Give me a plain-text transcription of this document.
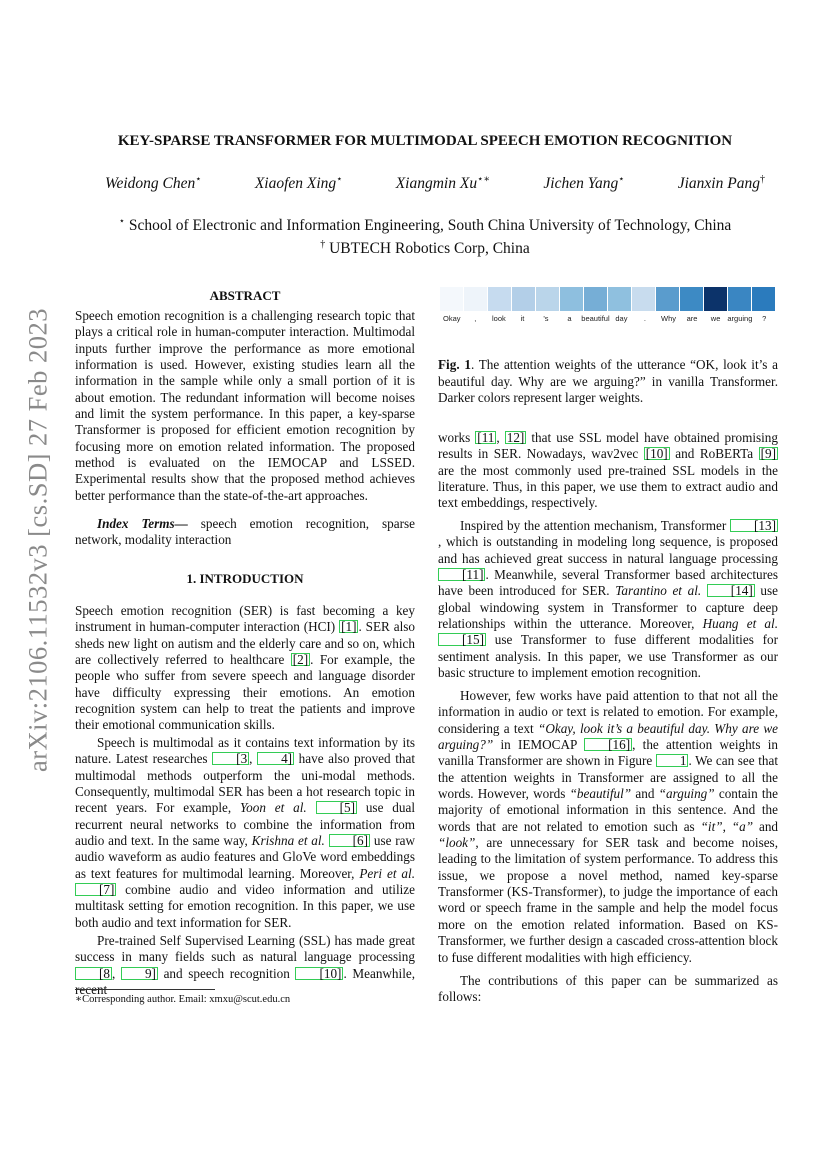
arXiv:2106.11532v3 [cs.SD] 27 Feb 2023
KEY-SPARSE TRANSFORMER FOR MULTIMODAL SPEECH EMOTION RECOGNITION
Weidong Chen⋆	Xiaofen Xing⋆	Xiangmin Xu⋆∗	Jichen Yang⋆	Jianxin Pang†
⋆ School of Electronic and Information Engineering, South China University of Technology, China
† UBTECH Robotics Corp, China
ABSTRACT

Speech emotion recognition is a challenging research topic that plays a critical role in human-computer interaction. Multimodal inputs further improve the performance as more emotional information is used. However, existing studies learn all the information in the sample while only a small portion of it is about emotion. The redundant information will become noises and limit the system performance. In this paper, a key-sparse Transformer is proposed for efficient emotion recognition by focusing more on emotion related information. The proposed method is evaluated on the IEMOCAP and LSSED. Experimental results show that the proposed method achieves better performance than the state-of-the-art approaches.

Index Terms— speech emotion recognition, sparse network, modality interaction

1. INTRODUCTION

Speech emotion recognition (SER) is fast becoming a key instrument in human-computer interaction (HCI) [1] . SER also sheds new light on autism and the elderly care and so on, which are collectively referred to healthcare [2] . For example, the people who suffer from severe speech and language disorder have difficulty expressing their emotions. An emotion recognition system can help to treat the patients and improve their emotional communication skills.

Speech is multimodal as it contains text information by its nature. Latest researches [3 , 4] have also proved that multimodal methods outperform the uni-modal methods. Consequently, multimodal SER has been a hot research topic in recent years. For example, Yoon et al. [5] use dual recurrent neural networks to combine the information from audio and text. In the same way, Krishna et al. [6] use raw audio waveform as audio features and GloVe word embeddings as text features for multimodal learning. Moreover, Peri et al. [7] combine audio and video information and utilize multitask setting for emotion recognition. In this paper, we use both audio and text information for SER.

Pre-trained Self Supervised Learning (SSL) has made great success in many fields such as natural language processing [8 , 9] and speech recognition [10] . Meanwhile, recent

∗Corresponding author. Email: xmxu@scut.edu.cn
Okay	,	look	it	's	a	beautiful day	.	Why	are	we arguing	?

Fig. 1. The attention weights of the utterance “OK, look it’s a beautiful day. Why are we arguing?” in vanilla Transformer. Darker colors represent larger weights.

works [11 , 12] that use SSL model have obtained promising results in SER. Nowadays, wav2vec [10] and RoBERTa [9] are the most commonly used pre-trained SSL models in the literature. Thus, in this paper, we use them to extract audio and text embeddings, respectively.

Inspired by the attention mechanism, Transformer [13], which is outstanding in modeling long sequence, is proposed and has achieved great success in natural language processing [11] . Meanwhile, several Transformer based architectures have been introduced for SER. Tarantino et al. [14] use global windowing system in Transformer to capture deep relationships within the utterance. Moreover, Huang et al. [15] use Transformer to fuse different modalities for sentiment analysis. In this paper, we use Transformer as our basic structure to implement emotion recognition.

However, few works have paid attention to that not all the information in audio or text is related to emotion. For example, considering a text “Okay, look it’s a beautiful day. Why are we arguing?” in IEMOCAP [16] , the attention weights in vanilla Transformer are shown in Figure 1 . We can see that the attention weights in Transformer are assigned to all the words. However, words “beautiful” and “arguing” contain the majority of emotional information in this sentence. And the words that are not related to emotion such as “it”, “a” and “look”, are unnecessary for SER task and become noises, leading to the limitation of system performance. To address this issue, we propose a novel method, named key-sparse Transformer (KS-Transformer), to judge the importance of each word or speech frame in the sample and help the model focus more on the emotion related information. Based on KS-Transformer, we further design a cascaded cross-attention block to fuse different modalities with high efficiency.

The contributions of this paper can be summarized as follows:
